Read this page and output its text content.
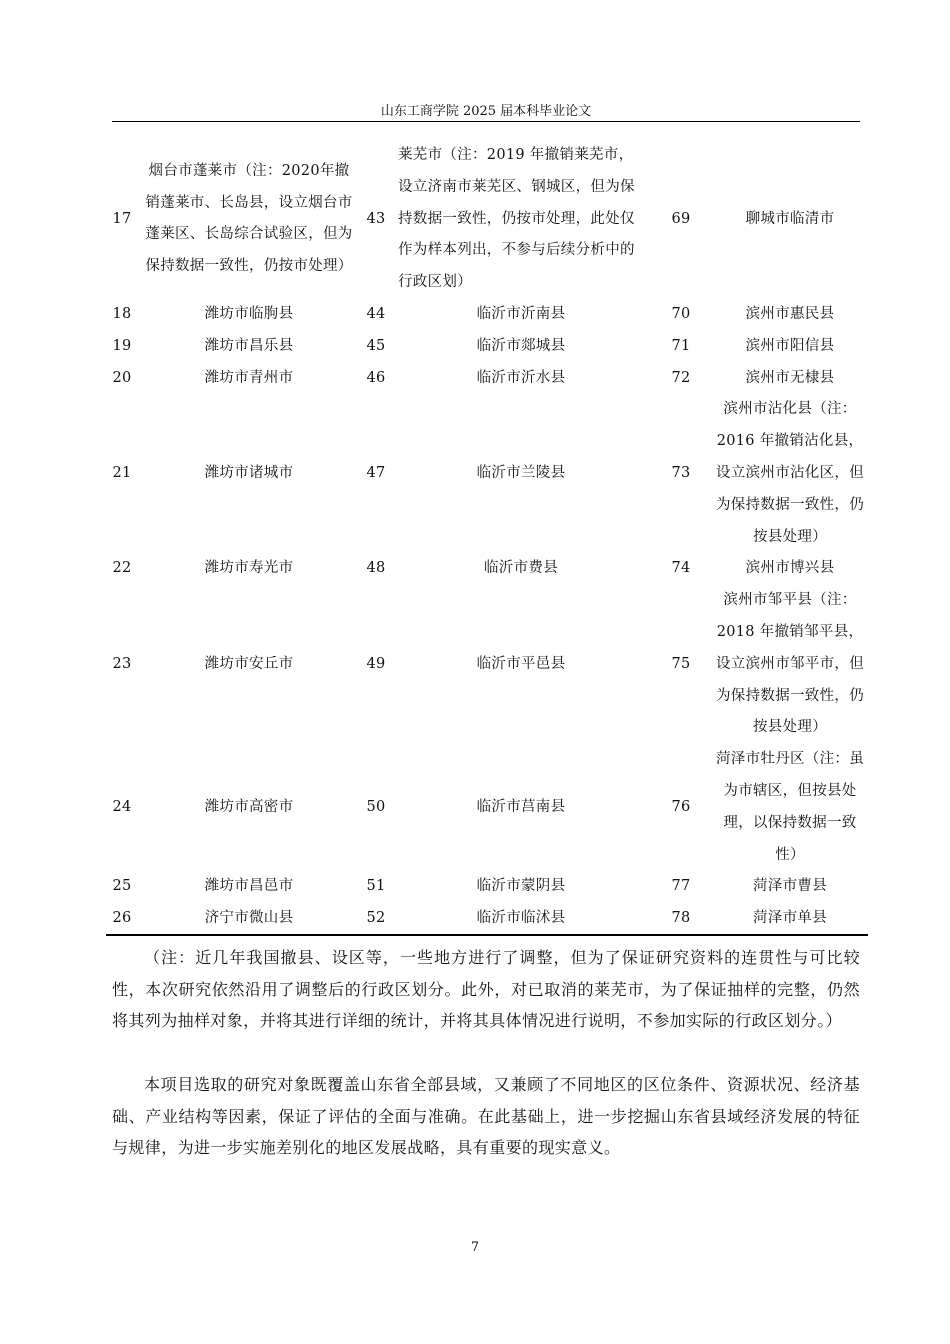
山东工商学院 2025 届本科毕业论文
17	烟台市蓬莱市（注：2020年撤销蓬莱市、长岛县，设立烟台市蓬莱区、长岛综合试验区，但为保持数据一致性，仍按市处理）	43	莱芜市（注：2019 年撤销莱芜市，设立济南市莱芜区、钢城区，但为保持数据一致性，仍按市处理，此处仅作为样本列出，不参与后续分析中的行政区划）	69	聊城市临清市
18	潍坊市临朐县	44	临沂市沂南县	70	滨州市惠民县
19	潍坊市昌乐县	45	临沂市郯城县	71	滨州市阳信县
20	潍坊市青州市	46	临沂市沂水县	72	滨州市无棣县
21	潍坊市诸城市	47	临沂市兰陵县	73	滨州市沾化县（注：2016 年撤销沾化县，设立滨州市沾化区，但为保持数据一致性，仍按县处理）
22	潍坊市寿光市	48	临沂市费县	74	滨州市博兴县
23	潍坊市安丘市	49	临沂市平邑县	75	滨州市邹平县（注：2018 年撤销邹平县，设立滨州市邹平市，但为保持数据一致性，仍按县处理）
24	潍坊市高密市	50	临沂市莒南县	76	菏泽市牡丹区（注：虽为市辖区，但按县处理，以保持数据一致性）
25	潍坊市昌邑市	51	临沂市蒙阴县	77	菏泽市曹县
26	济宁市微山县	52	临沂市临沭县	78	菏泽市单县
（注：近几年我国撤县、设区等，一些地方进行了调整，但为了保证研究资料的连贯性与可比较性，本次研究依然沿用了调整后的行政区划分。此外，对已取消的莱芜市，为了保证抽样的完整，仍然将其列为抽样对象，并将其进行详细的统计，并将其具体情况进行说明，不参加实际的行政区划分。）
本项目选取的研究对象既覆盖山东省全部县域，又兼顾了不同地区的区位条件、资源状况、经济基础、产业结构等因素，保证了评估的全面与准确。在此基础上，进一步挖掘山东省县域经济发展的特征与规律，为进一步实施差别化的地区发展战略，具有重要的现实意义。
7
